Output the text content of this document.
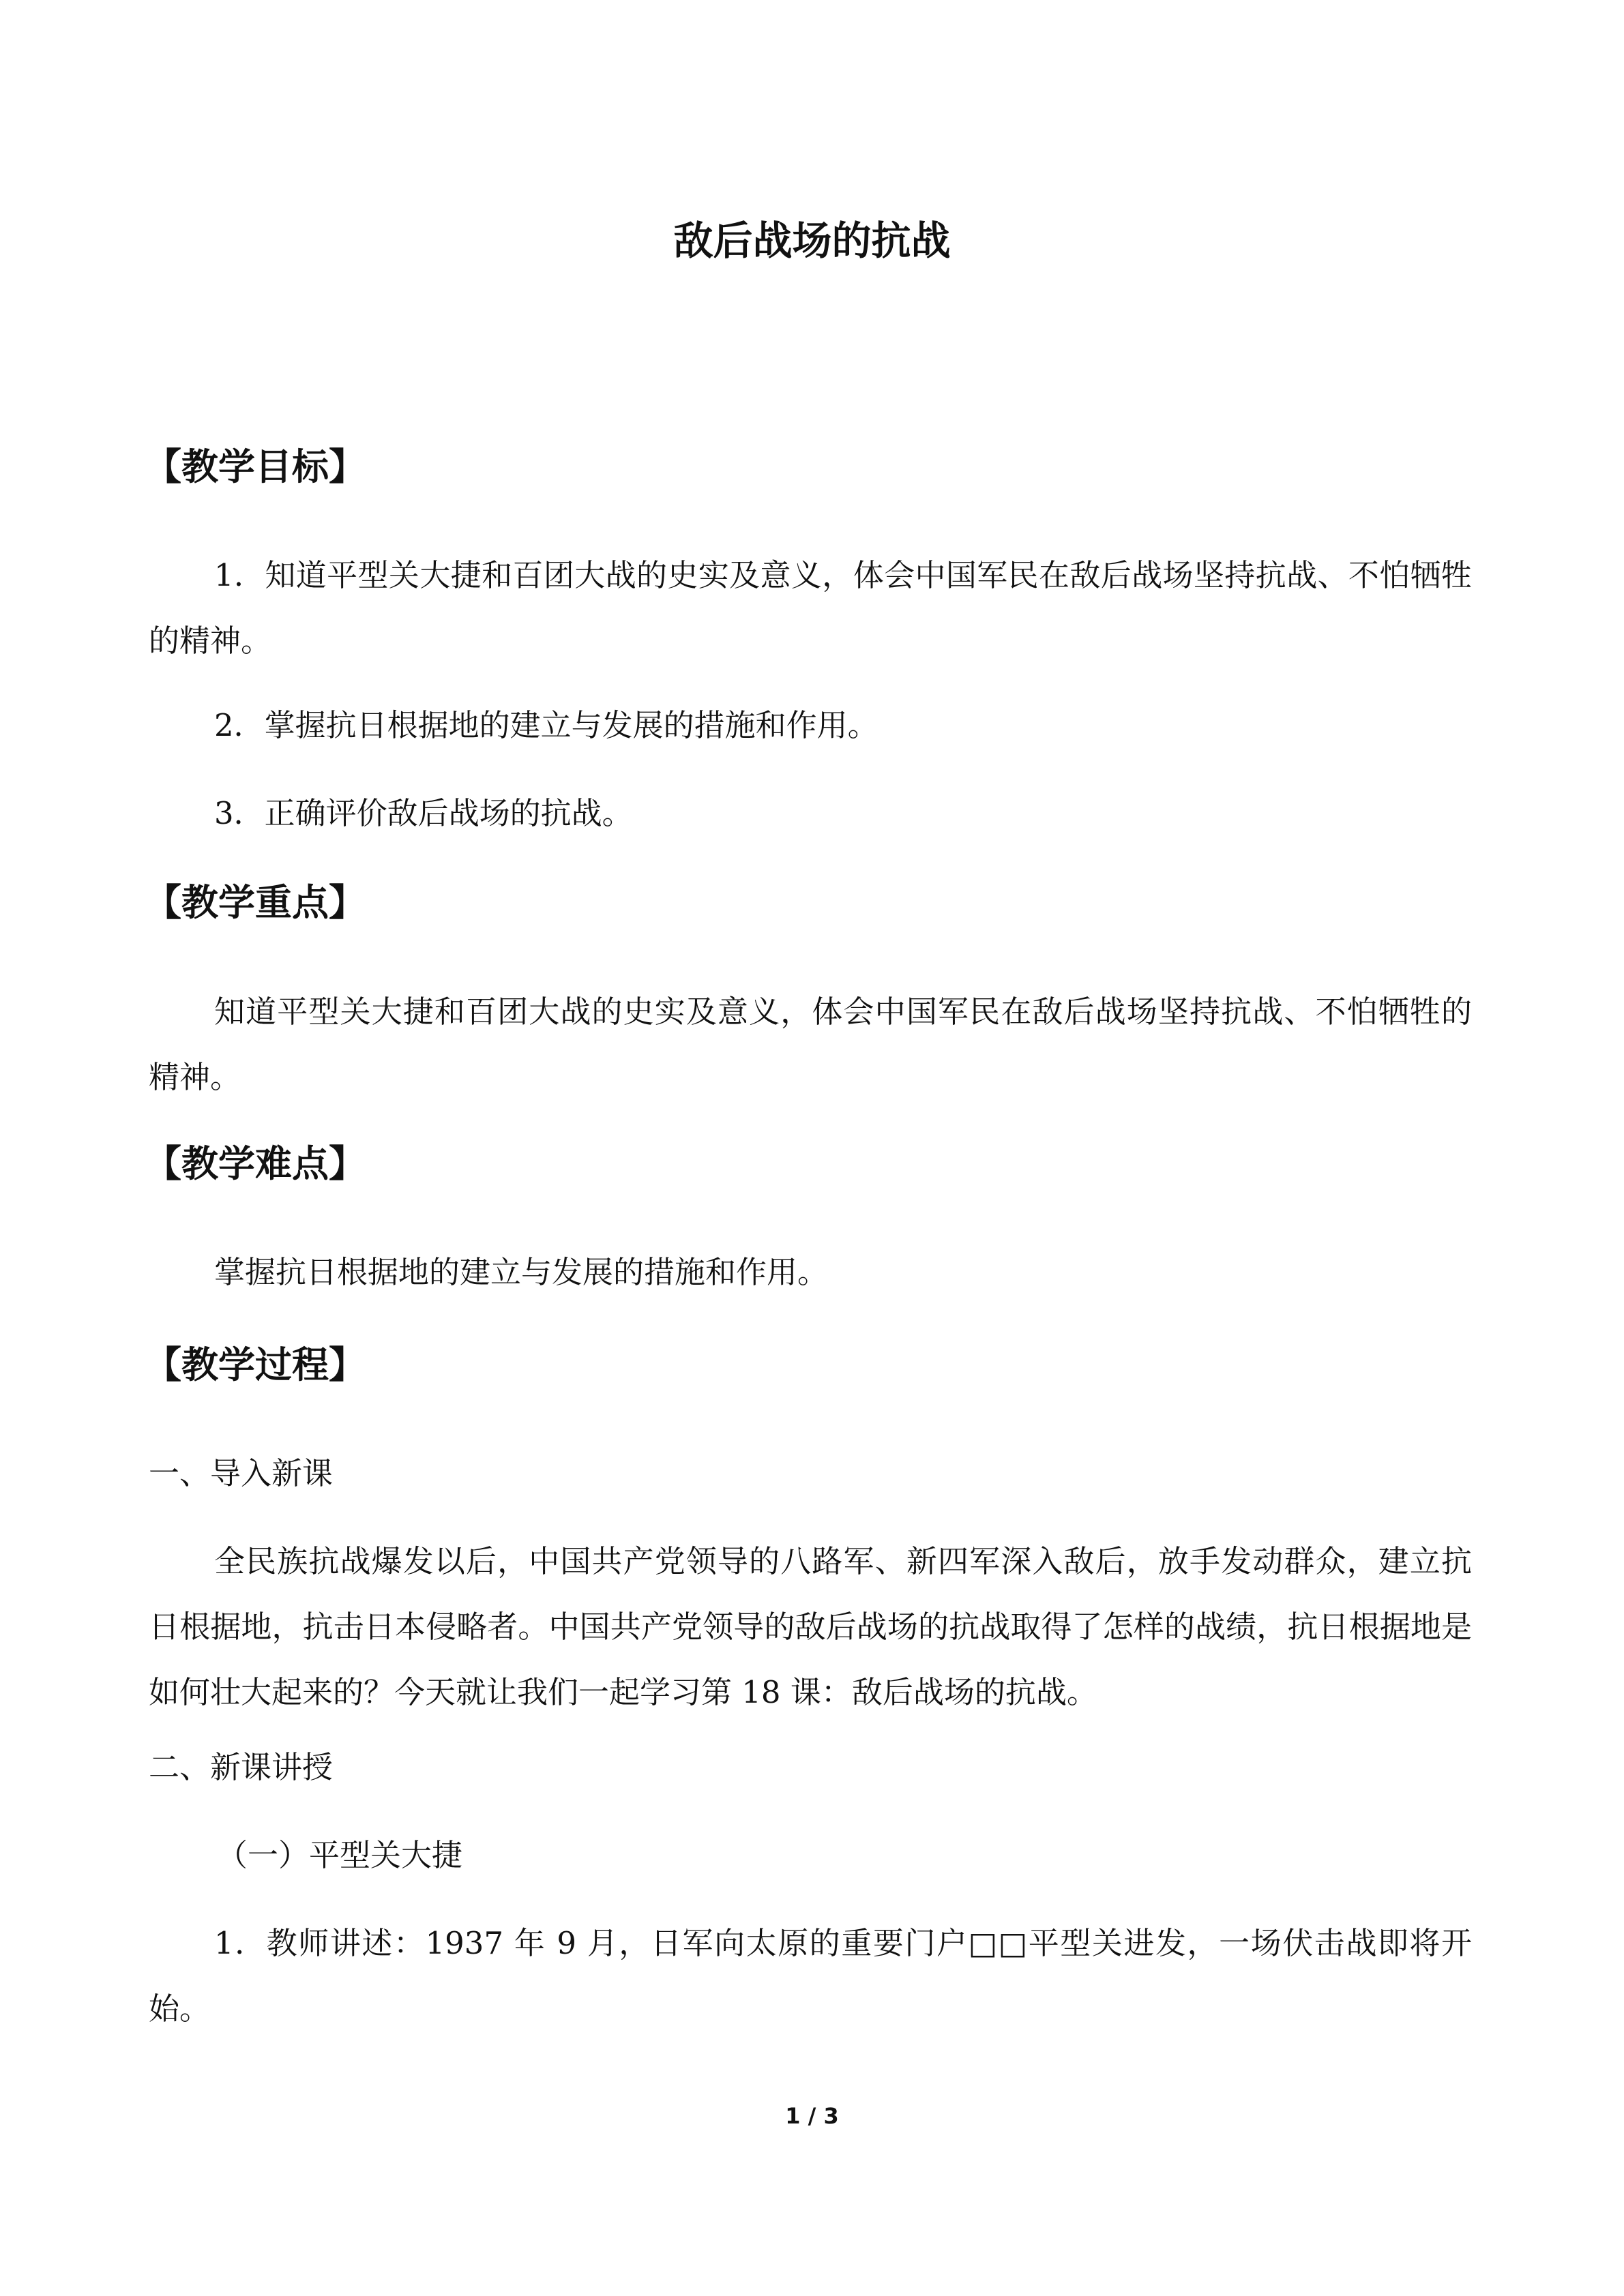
敌后战场的抗战
【教学目标】

1．知道平型关大捷和百团大战的史实及意义，体会中国军民在敌后战场坚持抗战、不怕牺牲的精神。

2．掌握抗日根据地的建立与发展的措施和作用。

3．正确评价敌后战场的抗战。

【教学重点】

知道平型关大捷和百团大战的史实及意义，体会中国军民在敌后战场坚持抗战、不怕牺牲的精神。

【教学难点】

掌握抗日根据地的建立与发展的措施和作用。

【教学过程】

一、导入新课

全民族抗战爆发以后，中国共产党领导的八路军、新四军深入敌后，放手发动群众，建立抗日根据地，抗击日本侵略者。中国共产党领导的敌后战场的抗战取得了怎样的战绩，抗日根据地是如何壮大起来的？今天就让我们一起学习第 18 课：敌后战场的抗战。

二、新课讲授

（一）平型关大捷

1．教师讲述：1937 年 9 月，日军向太原的重要门户□□平型关进发，一场伏击战即将开始。

1 / 3
